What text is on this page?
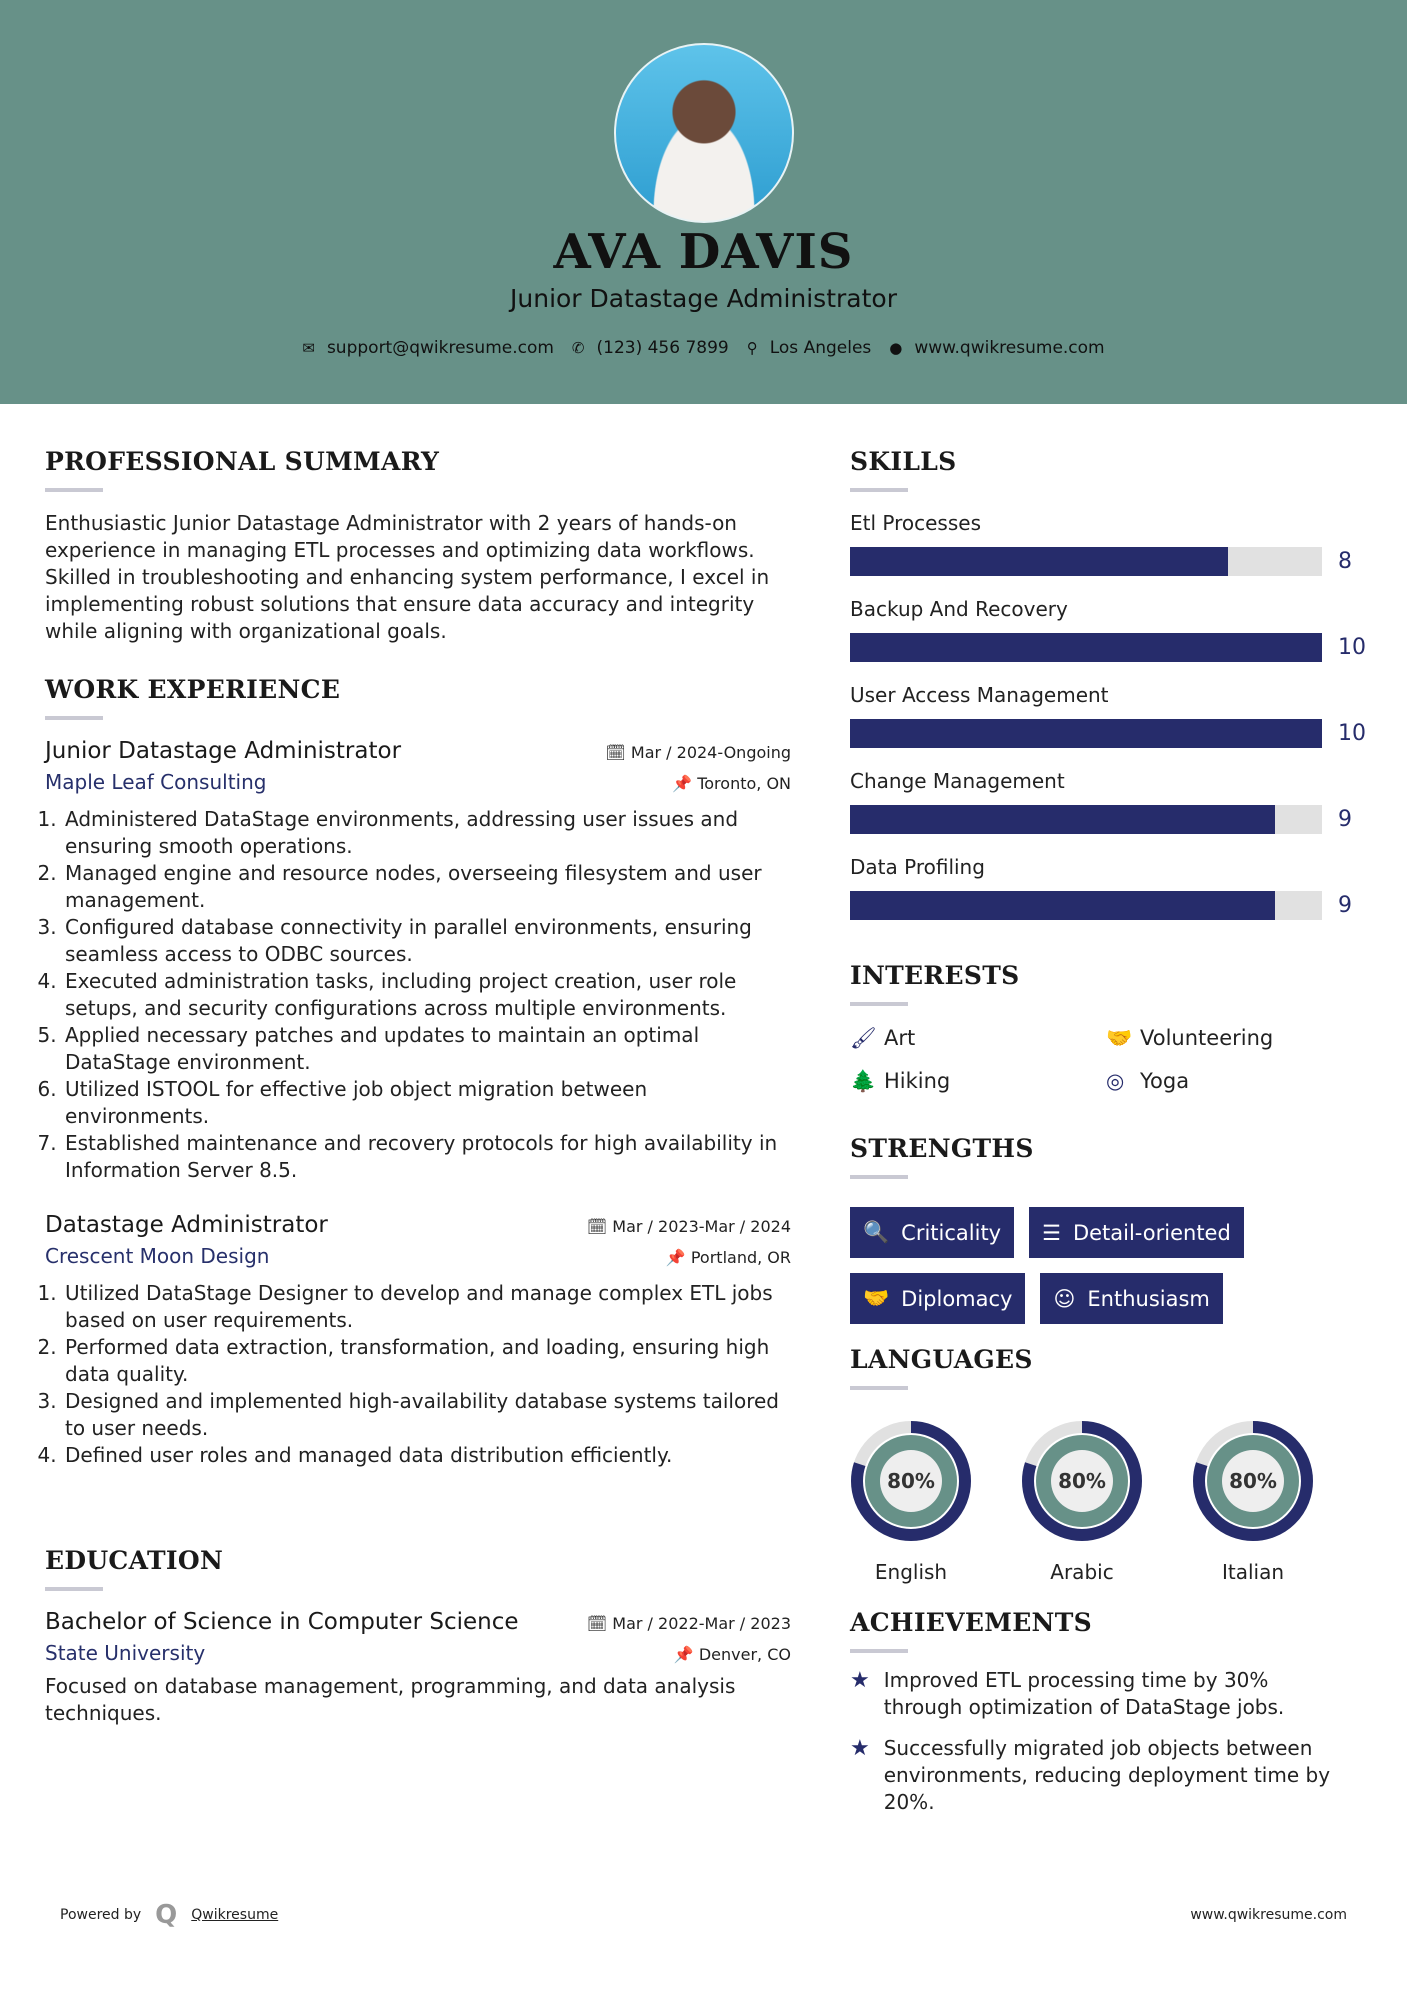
AVA DAVIS
Junior Datastage Administrator
✉ support@qwikresume.com ✆ (123) 456 7899 ⚲ Los Angeles ● www.qwikresume.com
PROFESSIONAL SUMMARY
Enthusiastic Junior Datastage Administrator with 2 years of hands-on experience in managing ETL processes and optimizing data workflows. Skilled in troubleshooting and enhancing system performance, I excel in implementing robust solutions that ensure data accuracy and integrity while aligning with organizational goals.
WORK EXPERIENCE
Junior Datastage Administrator	🗓 Mar / 2024-Ongoing
Maple Leaf Consulting	📌 Toronto, ON
1. Administered DataStage environments, addressing user issues and ensuring smooth operations.
2. Managed engine and resource nodes, overseeing filesystem and user management.
3. Configured database connectivity in parallel environments, ensuring seamless access to ODBC sources.
4. Executed administration tasks, including project creation, user role setups, and security configurations across multiple environments.
5. Applied necessary patches and updates to maintain an optimal DataStage environment.
6. Utilized ISTOOL for effective job object migration between environments.
7. Established maintenance and recovery protocols for high availability in Information Server 8.5.
Datastage Administrator	🗓 Mar / 2023-Mar / 2024
Crescent Moon Design	📌 Portland, OR
1. Utilized DataStage Designer to develop and manage complex ETL jobs based on user requirements.
2. Performed data extraction, transformation, and loading, ensuring high data quality.
3. Designed and implemented high-availability database systems tailored to user needs.
4. Defined user roles and managed data distribution efficiently.
EDUCATION
Bachelor of Science in Computer Science	🗓 Mar / 2022-Mar / 2023
State University	📌 Denver, CO
Focused on database management, programming, and data analysis techniques.
SKILLS
Etl Processes
8
Backup And Recovery
10
User Access Management
10
Change Management
9
Data Profiling
9
INTERESTS
🖌 Art	🤝 Volunteering
🌲 Hiking	◎ Yoga
STRENGTHS
🔍 Criticality ☰ Detail-oriented
🤝 Diplomacy ☺ Enthusiasm
LANGUAGES
80%
English
80%
Arabic
80%
Italian
ACHIEVEMENTS
★ Improved ETL processing time by 30% through optimization of DataStage jobs.
★ Successfully migrated job objects between environments, reducing deployment time by 20%.
Powered by Q Qwikresume	www.qwikresume.com
